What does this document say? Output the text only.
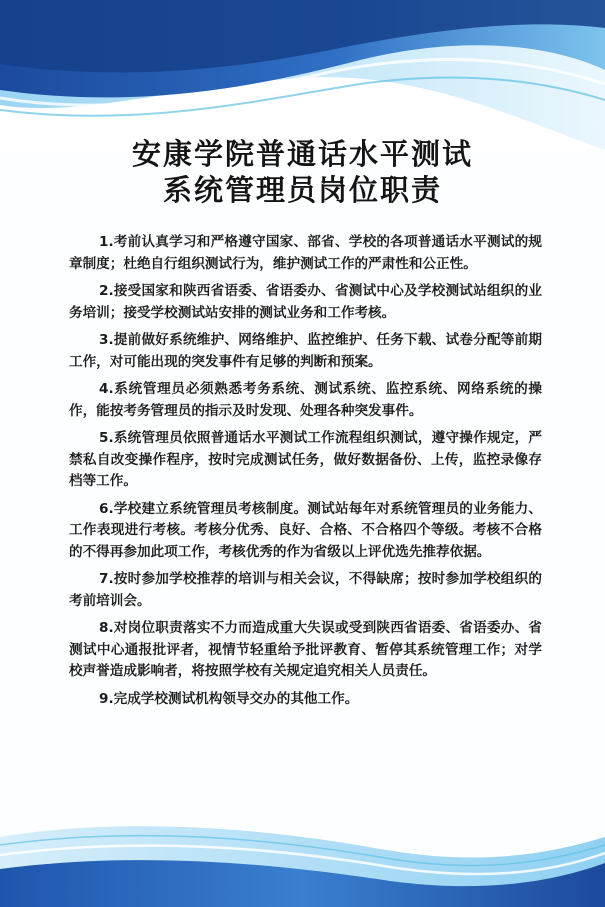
安康学院普通话水平测试
系统管理员岗位职责

1.考前认真学习和严格遵守国家、部省、学校的各项普通话水平测试的规章制度；杜绝自行组织测试行为，维护测试工作的严肃性和公正性。

2.接受国家和陕西省语委、省语委办、省测试中心及学校测试站组织的业务培训；接受学校测试站安排的测试业务和工作考核。

3.提前做好系统维护、网络维护、监控维护、任务下载、试卷分配等前期工作，对可能出现的突发事件有足够的判断和预案。

4.系统管理员必须熟悉考务系统、测试系统、监控系统、网络系统的操作，能按考务管理员的指示及时发现、处理各种突发事件。

5.系统管理员依照普通话水平测试工作流程组织测试，遵守操作规定，严禁私自改变操作程序，按时完成测试任务，做好数据备份、上传，监控录像存档等工作。

6.学校建立系统管理员考核制度。测试站每年对系统管理员的业务能力、工作表现进行考核。考核分优秀、良好、合格、不合格四个等级。考核不合格的不得再参加此项工作，考核优秀的作为省级以上评优选先推荐依据。

7.按时参加学校推荐的培训与相关会议，不得缺席；按时参加学校组织的考前培训会。

8.对岗位职责落实不力而造成重大失误或受到陕西省语委、省语委办、省测试中心通报批评者，视情节轻重给予批评教育、暂停其系统管理工作；对学校声誉造成影响者，将按照学校有关规定追究相关人员责任。

9.完成学校测试机构领导交办的其他工作。
